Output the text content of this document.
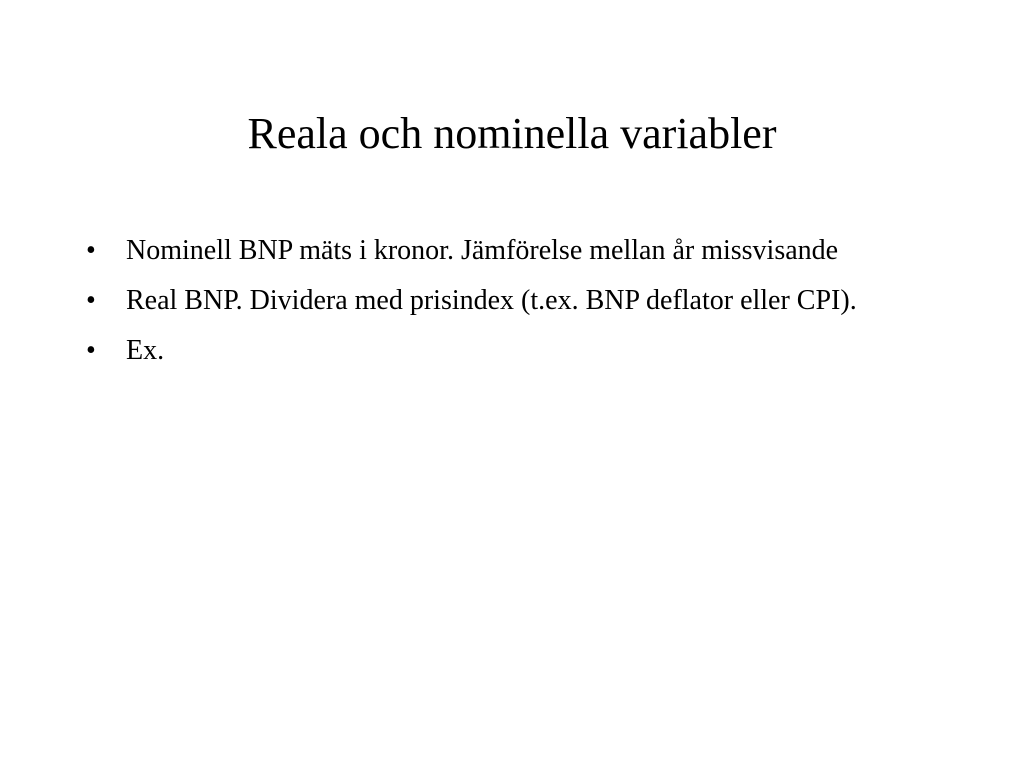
Reala och nominella variabler
•	Nominell BNP mäts i kronor. Jämförelse mellan år missvisande
•	Real BNP. Dividera med prisindex (t.ex. BNP deflator eller CPI).
•	Ex.
